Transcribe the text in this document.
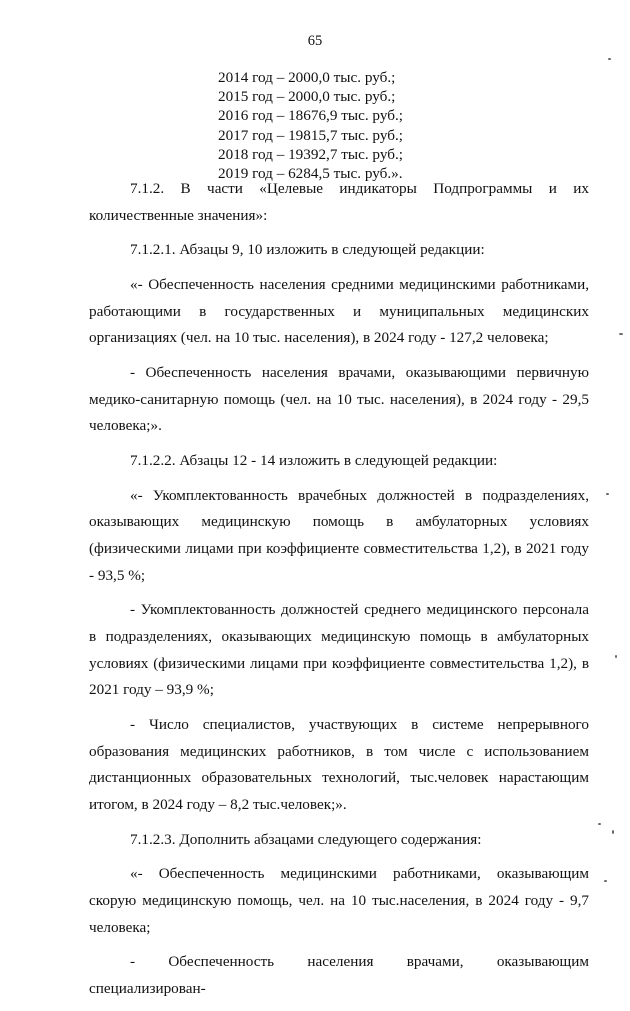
65
2014 год – 2000,0 тыс. руб.;
2015 год – 2000,0 тыс. руб.;
2016 год – 18676,9 тыс. руб.;
2017 год – 19815,7 тыс. руб.;
2018 год – 19392,7 тыс. руб.;
2019 год – 6284,5 тыс. руб.».

7.1.2. В части «Целевые индикаторы Подпрограммы и их количественные значения»:

7.1.2.1. Абзацы 9, 10 изложить в следующей редакции:

«- Обеспеченность населения средними медицинскими работниками, работающими в государственных и муниципальных медицинских организациях (чел. на 10 тыс. населения), в 2024 году - 127,2 человека;

- Обеспеченность населения врачами, оказывающими первичную медико-санитарную помощь (чел. на 10 тыс. населения), в 2024 году - 29,5 человека;».

7.1.2.2. Абзацы 12 - 14 изложить в следующей редакции:

«- Укомплектованность врачебных должностей в подразделениях, оказывающих медицинскую помощь в амбулаторных условиях (физическими лицами при коэффициенте совместительства 1,2), в 2021 году - 93,5 %;

- Укомплектованность должностей среднего медицинского персонала в подразделениях, оказывающих медицинскую помощь в амбулаторных условиях (физическими лицами при коэффициенте совместительства 1,2), в 2021 году – 93,9 %;

- Число специалистов, участвующих в системе непрерывного образования медицинских работников, в том числе с использованием дистанционных образовательных технологий, тыс.человек нарастающим итогом, в 2024 году – 8,2 тыс.человек;».

7.1.2.3. Дополнить абзацами следующего содержания:

«- Обеспеченность медицинскими работниками, оказывающим скорую медицинскую помощь, чел. на 10 тыс.населения, в 2024 году - 9,7 человека;

- Обеспеченность населения врачами, оказывающим специализирован-
